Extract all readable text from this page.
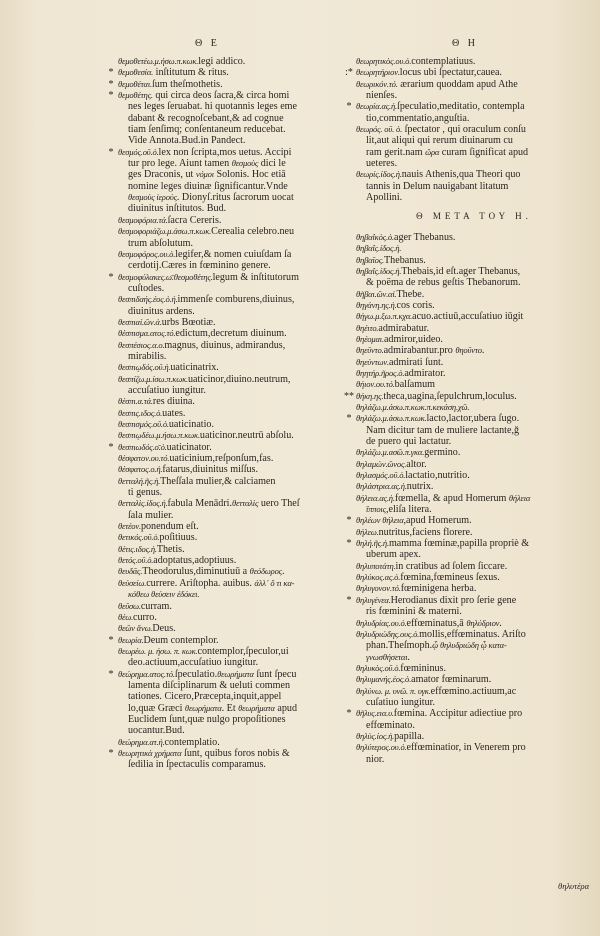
Θ E	Θ H
θεμοθετέω.μ.ήσω.π.κωκ.legi addico.
* θεμοθεσία. inſtitutum & ritus.
* θεμοθέται.ſum theſmothetis.
* θεμοθέτης. qui circa deos ſacra,& circa homi
nes leges ſeruabat. hi quotannis leges eme
dabant & recognoſcebant,& ad cognue
tiam ſenſimq; conſentaneum reducebat.
Vide Annota.Bud.in Pandect.
* θεσμός.οῦ.ὁ.lex non ſcripta,mos uetus. Accipi
tur pro lege. Aiunt tamen θεσμοὺς dici le
ges Draconis, ut νόμοι Solonis. Hoc etiā
nomine leges diuinæ ſignificantur.Vnde
θεσμοὺς ἱεροὺς. Dionyſ.ritus ſacrorum uocat
diuinitus inſtitutos. Bud.
θεσμοφόρια.τά.ſacra Cereris.
θεσμοφοριάζω.μ.άσω.π.κωκ.Cerealia celebro.neu
trum abſolutum.
θεσμοφόρος.ου.ὁ.legifer,& nomen cuiuſdam ſa
cerdotij.Cæres in fœminino genere.
* θεσμοφύλακες.ω̄.θεσμοθέτης.legum & inſtitutorum
cuſtodes.
θεσπιδαής.έος.ὁ.ἡ.immenſe comburens,diuinus,
diuinitus ardens.
θεσπιαί.ῶν.ἁ.urbs Bœotiæ.
θέσπισμα.ατος.τό.edictum,decretum diuinum.
θεσπέσιος.α.ο.magnus, diuinus, admirandus,
mirabilis.
θεσπιῳδός.οῦ.ἡ.uaticinatrix.
θεσπίζω.μ.ίσω.π.κωκ.uaticinor,diuino.neutrum,
accuſatiuo iungitur.
θέσπι.α.τά.res diuina.
θεσπις.ιδος.ὁ.uates.
θεσπισμός.οῦ.ὁ.uaticinatio.
θεσπιῳδέω.μ.ήσω.π.κωκ.uaticinor.neutrū abſolu.
* θεσπιωδός.ο̄.ὁ.uaticinator.
θέσφατον.ου.τό.uaticinium,reſponſum,fas.
θέσφατος.ο.ἡ.fatarus,diuinitus miſſus.
θετταλή.ῆς.ἡ.Theſſala mulier,& calciamen
ti genus.
θετταλὶς.ίδος.ἡ.fabula Menādri.θετταλὶς uero Theſ
ſala mulier.
θετέον.ponendum eſt.
θετικός.οῦ.ὁ.poſitiuus.
θέτις.ιδος.ἡ.Thetis.
θετός.οῦ.ὁ.adoptatus,adoptiuus.
θευδᾶς.Theodorulus,diminutiuū a θεόδωρος.
θεύσείω.currere. Ariſtopha. auibus. ἀλλ᾽ ὅ τι κα-
κόθεω θεύσειν ἐδόκει.
θεῦσω.curram.
θέω.curro.
θεῶν ἄνω.Deus.
* θεωρία.Deum contemplor.
θεωρέω. μ. ήσω. π. κωκ.contemplor,ſpeculor,ui
deo.actiuum,accuſatiuo iungitur.
* θεώρημα.ατος.τό.ſpeculatio.θεωρήματα ſunt ſpecu
lamenta diſciplinarum & ueluti commen
tationes. Cicero,Præcepta,inquit,appel
lo,quæ Græci θεωρήματα. Et θεωρήματα apud
Euclidem ſunt,quæ nulgo propoſitiones
uocantur.Bud.
θεώρημα.ατ.ἡ.contemplatio.
* θεωρητικὰ χρήματα ſunt, quibus foros nobis &
ſedilia in ſpectaculis comparamus.
θεωρητικὸς.ου.ὁ.contemplatiuus.
:* θεωρητήριον.locus ubi ſpectatur,cauea.
θεωρικόν.τό. ærarium quoddam apud Athe
nienſes.
* θεωρία.ας.ἡ.ſpeculatio,meditatio, contempla
tio,commentatio,anguſtia.
θεωρός. οῦ. ὁ. ſpectator , qui oraculum conſu
lit,aut aliqui qui rerum diuinarum cu
ram gerit.nam ὤρα curam ſignificat apud
ueteres.
θεωρίς.ίδος.ἡ.nauis Athenis,qua Theori quo
tannis in Delum nauigabant litatum
Apollini.
Θ ΜΕΤΑ ΤΟΥ Η.
θηβαΐκὸς.ὁ.ager Thebanus.
θηβαΐς.ίδος.ἡ.
θηβαῖος.Thebanus.
θηβαΐς.ίδος.ἡ.Thebais,id eſt.ager Thebanus,
& poëma de rebus geſtis Thebanorum.
θῆβαι.ῶν.αἱ.Thebe.
θηγάνη.ης.ἡ.cos coris.
θήγω.μ.ξω.π.κχα.acuo.actiuū,accuſatiuo iūgit
θηέιτο.admirabatur.
θηέομαι.admiror,uideo.
θηεῦντο.admirabantur.pro θηοῦντο.
θηεύντων.admirati ſunt.
θηητήρ.ῆρος.ὁ.admirator.
θήιον.ου.τό.balſamum
** θήκη.ης.theca,uagina,ſepulchrum,loculus.
θηλάζω.μ.άσω.π.κωκ.π.κεκάση.χῶ.
* θηλάζω.μ.άσω.π.κωκ.lacto,lactor,ubera ſugo.
Nam dicitur tam de muliere lactante,ğ
de puero qui lactatur.
θηλάζω.μ.ασῶ.π.γκα.germino.
θηλαμών.ῶνος.altor.
θηλασμός.οῦ.ὁ.lactatio,nutritio.
θηλάστρια.ας.ἡ.nutrix.
θήλεια.ας.ἡ.fœmella, & apud Homerum θήλεια
ἵπποις,eliſa litera.
* θηλέων θήλεια,apud Homerum.
θήλεω.nutritus,faciens florere.
* θηλή.ῆς.ἡ.mamma fœminæ,papilla propriè &
uberum apex.
θηλυποτάτη.in cratibus ad ſolem ſiccare.
θηλύκος.ας.ὁ.fœmina,fœmineus ſexus.
θηλυγονον.τό.fœminigena herba.
* θηλυγένεα.Herodianus dixit pro ſerie gene
ris fœminini & materni.
θηλυδρίας.ου.ὁ.effœminatus,ā θηλύδριον.
θηλυδριώδης.ους.ὁ.mollis,effœminatus. Ariſto
phan.Theſmoph.ᾧ θηλυδριώδη ᾧ κατα-
γνωσθήσεται.
θηλυκὸς.οῦ.ὁ.fœmininus.
θηλυμανής.έος.ὁ.amator fœminarum.
θηλύνω. μ. υνῶ. π. υγκ.effœmino.actiuum,ac
cuſatiuo iungitur.
* θῆλυς.εια.υ.fœmina. Accipitur adiectiue pro
effœminato.
θηλὺς.ίος.ἡ.papilla.
θηλύτερος.ου.ὁ.effœminatior, in Venerem pro
nior.
θηλυτέρα
